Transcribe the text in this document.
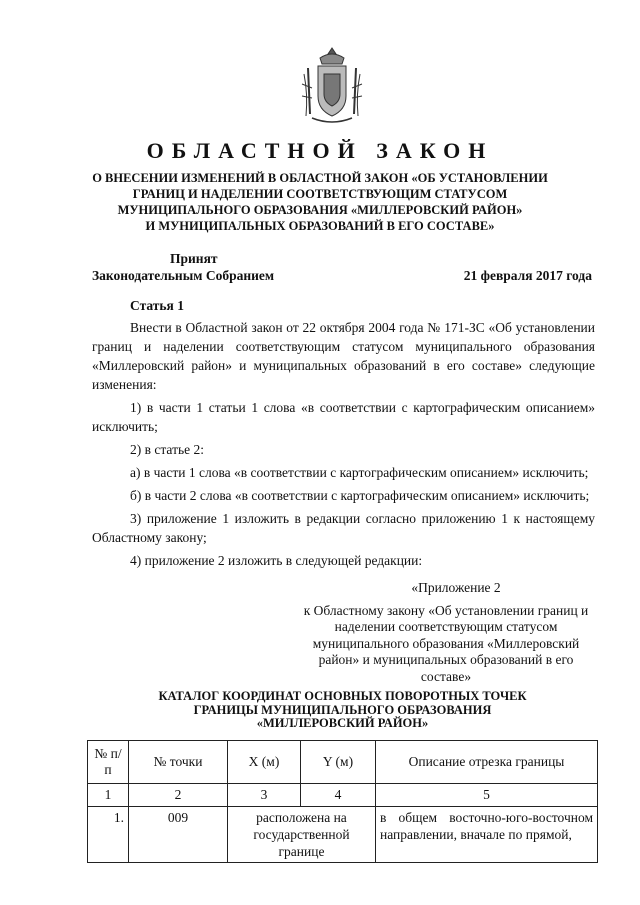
ОБЛАСТНОЙ ЗАКОН
О ВНЕСЕНИИ ИЗМЕНЕНИЙ В ОБЛАСТНОЙ ЗАКОН «ОБ УСТАНОВЛЕНИИ
ГРАНИЦ И НАДЕЛЕНИИ СООТВЕТСТВУЮЩИМ СТАТУСОМ
МУНИЦИПАЛЬНОГО ОБРАЗОВАНИЯ «МИЛЛЕРОВСКИЙ РАЙОН»
И МУНИЦИПАЛЬНЫХ ОБРАЗОВАНИЙ В ЕГО СОСТАВЕ»
Принят
Законодательным Собранием	21 февраля 2017 года
Статья 1

Внести в Областной закон от 22 октября 2004 года № 171-ЗС «Об установлении границ и наделении соответствующим статусом муниципального образования «Миллеровский район» и муниципальных образований в его составе» следующие изменения:

1) в части 1 статьи 1 слова «в соответствии с картографическим описанием» исключить;

2) в статье 2:

а) в части 1 слова «в соответствии с картографическим описанием» исключить;

б) в части 2 слова «в соответствии с картографическим описанием» исключить;

3) приложение 1 изложить в редакции согласно приложению 1 к настоящему Областному закону;

4) приложение 2 изложить в следующей редакции:

«Приложение 2
к Областному закону «Об установлении границ и наделении соответствующим статусом муниципального образования «Миллеровский район» и муниципальных образований в его составе»
КАТАЛОГ КООРДИНАТ ОСНОВНЫХ ПОВОРОТНЫХ ТОЧЕК
ГРАНИЦЫ МУНИЦИПАЛЬНОГО ОБРАЗОВАНИЯ
«МИЛЛЕРОВСКИЙ РАЙОН»
№ п/п	№ точки	X (м)	Y (м)	Описание отрезка границы
1	2	3	4	5
1.	009	расположена на государственной границе		в общем восточно-юго-восточном направлении, вначале по прямой,
